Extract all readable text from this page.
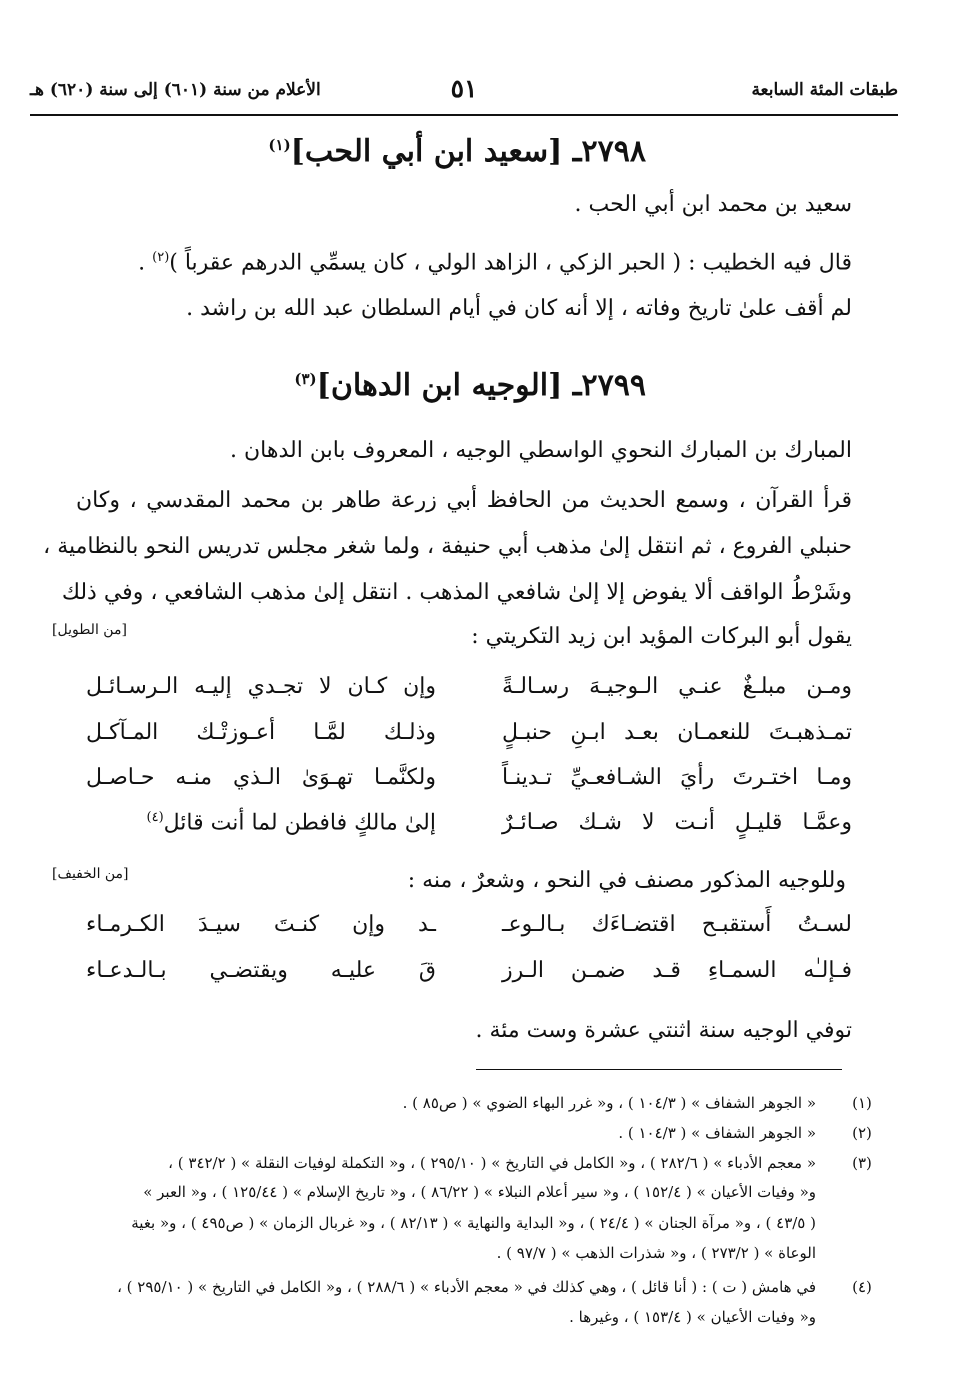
طبقات المئة السابعة
٥١
الأعلام من سنة (٦٠١) إلى سنة (٦٢٠) هـ
٢٧٩٨ـ [سعيد ابن أبي الحب]$^{(١)}$
سعيد بن محمد ابن أبي الحب .
قال فيه الخطيب : ( الحبر الزكي ، الزاهد الولي ، كان يسمِّي الدرهم عقرباً )$^{(٢)}$ .
لم أقف علىٰ تاريخ وفاته ، إلا أنه كان في أيام السلطان عبد الله بن راشد .
٢٧٩٩ـ [الوجيه ابن الدهان]$^{(٣)}$
المبارك بن المبارك النحوي الواسطي الوجيه ، المعروف بابن الدهان .
قرأ القرآن ، وسمع الحديث من الحافظ أبي زرعة طاهر بن محمد المقدسي ، وكان
حنبلي الفروع ، ثم انتقل إلىٰ مذهب أبي حنيفة ، ولما شغر مجلس تدريس النحو بالنظامية ،
وشَرْطُ الواقف ألا يفوض إلا إلىٰ شافعي المذهب . انتقل إلىٰ مذهب الشافعي ، وفي ذلك
يقول أبو البركات المؤيد ابن زيد التكريتي :
[من الطويل]
ومـن مبلـغٌ عنـي الـوجيـهَ رسـالـةً
وإن كـان لا تجـدي إليـه الـرسـائـل
تمـذهبـتَ للنعمـان بعـد ابـنِ حنبـلٍ
وذلـك لمَّـا أعـوزتْـك المـآكـل
ومـا اختـرتَ رأيَ الشـافعـيِّ تـدينـاً
ولكنَّمـا تهـوَىٰ الـذي منـه حـاصـل
وعمَّـا قليـلٍ أنـت لا شـك صـائـرٌ
إلىٰ مالكٍ فافطن لما أنت قائل$^{(٤)}$
وللوجيه المذكور مصنف في النحو ، وشعرٌ ، منه :
[من الخفيف]
لسـتُ أَستقبـح اقتضـاءَك بـالـوعـ
ـد وإن كنـتَ سيـدَ الكـرمـاء
فـإلـٰه السمـاءِ قـد ضمـن الـرز
قَ عليـه ويقتضـي بـالـدعـاء
توفي الوجيه سنة اثنتي عشرة وست مئة .
(١)
« الجوهر الشفاف » ( ١٠٤/٣ ) ، و« غرر البهاء الضوي » ( ص٨٥ ) .
(٢)
« الجوهر الشفاف » ( ١٠٤/٣ ) .
(٣)
« معجم الأدباء » ( ٢٨٢/٦ ) ، و« الكامل في التاريخ » ( ٢٩٥/١٠ ) ، و« التكملة لوفيات النقلة » ( ٣٤٢/٢ ) ،
و« وفيات الأعيان » ( ١٥٢/٤ ) ، و« سير أعلام النبلاء » ( ٨٦/٢٢ ) ، و« تاريخ الإسلام » ( ١٢٥/٤٤ ) ، و« العبر »
( ٤٣/٥ ) ، و« مرآة الجنان » ( ٢٤/٤ ) ، و« البداية والنهاية » ( ٨٢/١٣ ) ، و« غربال الزمان » ( ص٤٩٥ ) ، و« بغية
الوعاة » ( ٢٧٣/٢ ) ، و« شذرات الذهب » ( ٩٧/٧ ) .
(٤)
في هامش ( ت ) : ( أنا قائل ) ، وهي كذلك في « معجم الأدباء » ( ٢٨٨/٦ ) ، و« الكامل في التاريخ » ( ٢٩٥/١٠ ) ،
و« وفيات الأعيان » ( ١٥٣/٤ ) ، وغيرها .
